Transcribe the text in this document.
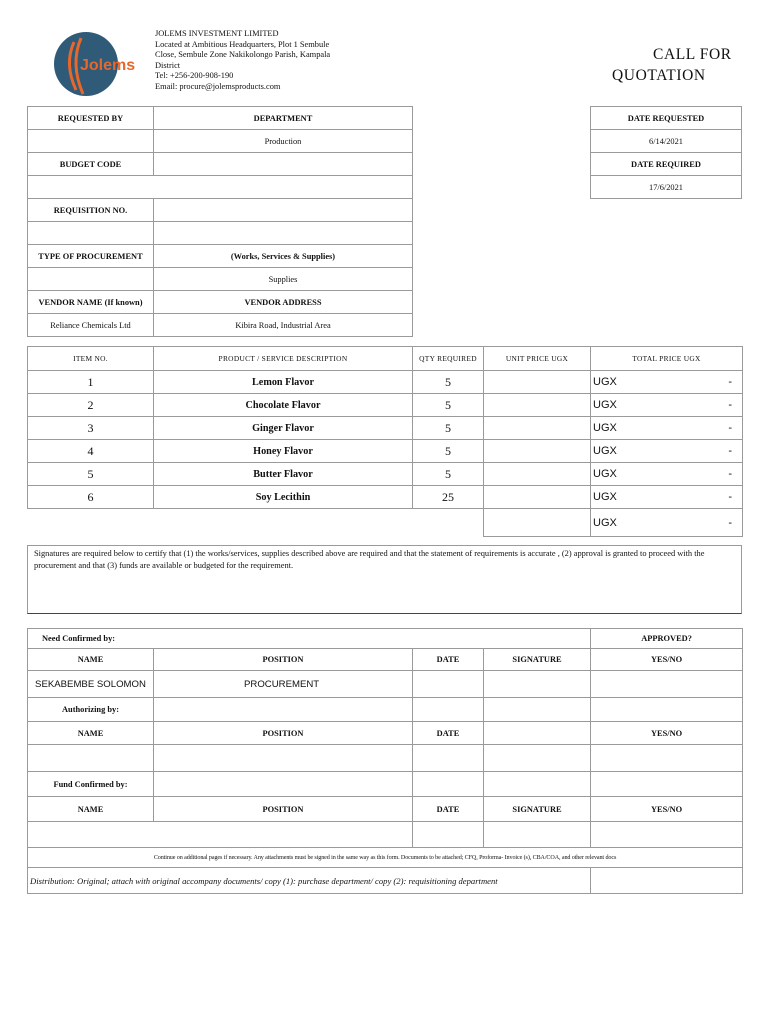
Jolems
JOLEMS INVESTMENT LIMITED
Located at Ambitious Headquarters, Plot 1 Sembule
Close, Sembule Zone Nakikolongo Parish, Kampala
District
Tel: +256-200-908-190
Email: procure@jolemsproducts.com
CALL FOR
QUOTATION
REQUESTED BY	DEPARTMENT
	Production
BUDGET CODE	

REQUISITION NO.	

TYPE OF PROCUREMENT	(Works, Services & Supplies)
	Supplies
VENDOR NAME (If known)	VENDOR ADDRESS
Reliance Chemicals Ltd	Kibira Road, Industrial Area
DATE REQUESTED
6/14/2021
DATE REQUIRED
17/6/2021
ITEM NO.	PRODUCT / SERVICE DESCRIPTION	QTY REQUIRED	UNIT PRICE UGX	TOTAL PRICE UGX
1	Lemon Flavor	5		UGX -

2	Chocolate Flavor	5		UGX -

3	Ginger Flavor	5		UGX -

4	Honey Flavor	5		UGX -

5	Butter Flavor	5		UGX -

6	Soy Lecithin	25		UGX -

				UGX -
Signatures are required below to certify that (1) the works/services, supplies described above are required and that the statement of requirements is accurate , (2) approval is granted to proceed with the procurement and that (3) funds are available or budgeted for the requirement.
Need Confirmed by:				APPROVED?
NAME	POSITION	DATE	SIGNATURE	YES/NO
SEKABEMBE SOLOMON	PROCUREMENT			
Authorizing by:				
NAME	POSITION	DATE		YES/NO

Fund Confirmed by:				
NAME	POSITION	DATE	SIGNATURE	YES/NO

Continue on additional pages if necessary. Any attachments must be signed in the same way as this form. Documents to be attached; CFQ, Proforma- Invoice (s), CBA/COA, and other relevant docs				
Distribution: Original; attach with original accompany documents/ copy (1): purchase department/ copy (2): requisitioning department				
